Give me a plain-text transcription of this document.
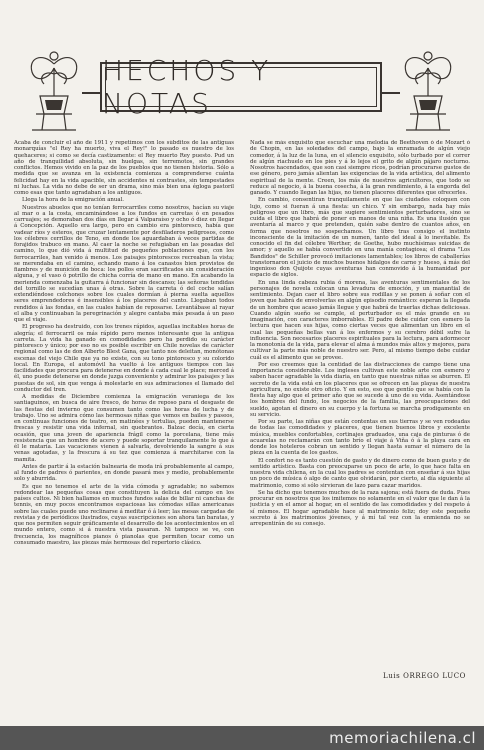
HECHOS Y NOTAS

Acaba de concluir el año de 1911 y repetimos con los súbditos de las antiguas monarquías "el Rey ha muerto, viva el Rey!" lo pasado es nuestro de los quehaceres; si como se decía castizamente: el Rey muerto Rey puesto. Pud un año de tranquilidad absoluta, sin huelgas, sin terremotos, sin grandes conflictos. Hemos vivido en la paz de los pueblos que no tienen historia. Sólo a medida que se avanza en la existencia comienza a comprenderse cuánta felicidad hay en la vida apacible, sin accidentes ni contrastes, sin tempestades ni luchas. La vida no debe de ser un drama, sino más bien una égloga pastoril como esas que tanto agradaban a los antiguos.

Llega la hora de la emigración anual.

Nuestros abuelos que no tenían ferrocarriles como nosotros, hacían su viaje al mar o a la costa, encaminándose a los fundos en carretas ó en pesados carruajes; se demoraban dos días en llegar á Valparaíso y ocho ó diez en llegar á Concepción. Aquello era largo, pero en cambio era pintoresco, había que vadear ríos y esteros, que cruzar lentamente por desfiladeros peligrosos, como los célebres cerrillos de Teno, en donde los aguardaban á veces partidas de forajidos trabuco en mano. Al caer la noche se refugiaban en las posadas del camino, lo que dió vida á multitud de pequeños poblaciones que, con los ferrocarriles, han venido á menos. Los paisajes pintorescos recreaban la vista; se merendaba en el camino, echando mano á los canastos bien provistos de fiambres y de munición de boca: los pollos eran sacrificados sin consideración alguna, y el vaso ó potrillo de chicha corría de mano en mano. En acabando la merienda comenzaba la guitarra á funcionar sin descanso; las señoras tendidas del tornillo se sucedían unas á otras. Sobre la carreta ó del coche salían extendiéndose colchones sobre los cuales dormían á pierna suelta aquellos seres emprendedores é insensibles á los placeres del canto. Llegaban todos rendidos á las fondas, en las cuales habían de reposarse. Levantábase al rayar el alba y continuaban la peregrinación y alegre cantaba más pesada á un paso que el viaje.

El progreso ha destruido, con los trenes rápidos, aquellas incitables horas de alegría; el ferrocarril os más rápido pero menos interesante que la antigua carreta. La vida ha ganado en comodidades pero ha perdido su carácter pintoresco y único; por eso no es posible escribir en Chile novelas de carácter regional como las de don Alberto Blest Gana, que tanto nos deleitan, monótonas escenas del viejo Chile que ya no existe, con su tono pintoresco y su colorido local. En Europa, el automóvil ha vuelto á los antiguos tiempos con las facilidades que procura para detenerse en donde á cada cual le place; merced á él, uno puede detenerse en donde juzga conveniente y admirar los paisajes y las puestas de sol, sin que venga á molestarle en sus admiraciones el llamado del conductor del tren.

A medidas de Diciembre comienza la emigración veraniega de los santiaguinos, en busca de aire fresco, de horas de reposo para el desgaste de las fiestas del invierno que consumen tanto como las horas de lucha y de trabajo. Uno se admira cómo las hermosas niñas que vemos en bailes y paseos, en continuas funciones de teatro, en matinées y tertulias, pueden mantenerse frescas y resistir una vida infernal, sin quebrantos. Balzac decía, en cierta ocasión, que una joven de apariencia frágil como la porcelana, tiene más resistencia que un hombre de acero y puede soportar tranquilamente lo que á él le mataría. Las vacaciones vienen á salvarla, devolviendo la sangre á sus venas agotadas, y la frescura á su tez que comienza á marchitarse con la mamita.

Antes de partir á la estación balnearia de moda irá probablemente al campo, al fundo de padres ó parientes, en donde pasará mes y medio, probablemente solo y aburrida.

Es que no tenemos el arte de la vida cómoda y agradable; no sabemos redondear las pequeñas cosas que constituyen la delicia del campo en los países cultos. Ni bien hallamos en muchos fundos salas de billar ni canchas de tennis, en muy pocos encontramos espaciosas las cómodas sillas americanas sobre las cuales puede uno reclinarse á meditar ó á leer; las mesas cargadas de revistas y de periódicos ilustrados, cuyas suscripciones son ahora tan baratas, y que nos permiten seguir gráficamente el desarrollo de los acontecimientos en el mundo entero, como si á nuestra vista pasaran. Ni tampoco se ve, con frecuencia, los magníficos pianos ó pianolas que permiten tocar como un consumado maestro, las piezas más hermosas del repertorio clásico.

Nada se más exquisito que escuchar una melodía de Beethoven ó de Mozart ó de Chopin, en las soledades del campo, bajo la enramada de algún viejo comedor, á la luz de la luna, en el silencio exquisito, sólo turbado por el correr de algún riachuelo en los pies y á lo lejos el grito de algún pájaro nocturno. Nosotros hacendados, que son casi siempre ricos, podrían procurarse gustos de ese género, pero jamás alientan las exigencias de la vida artística, del alimento espiritual de la mente. Creen, los más de nuestros agricultores, que todo se reduce al negocio, á la buena cosecha, á la gran rendimiento, á la engorda del ganado. Y cuando llegan las hijas, no tienen placeres diferentes que ofrecerles.

En cambio, consentiran tranquilamente en que las ciudades coloquen con lujo, como si fueran á una fiesta: un chico. Y sin embargo, nada hay más peligroso que un libro, más que sugiere sentimientos perturbadores, sino se cuida el libro que habrá de poner en manos de una niña. Es una ilusión que aventaría al marco y que pretenden, quién sabe dentro de cuantos años, en forma que nosotros no sospechamos. Un libro tras consigo el instinto inconsciente de la imitación de un numen, tanto del ideal á lo inevitable. Es conocido el fin del célebre Werther, de Goethe, hubo muchísimas suicidas de amor; y aquello se había convertido en una manía contagiosa; el drama "Los Bandidos" de Schiller provocó imitaciones lamentables; los libros de caballerías transtornaron el juicio de muchos buenos hidalgos de carne y hueso, á más del ingenioso don Quijote cuyas aventuras han conmovido á la humanidad por espacio de siglos.

En una linda cabeza rubia ó morena, las aventuras sentimentales de los personajes de novela colocan una levadura de emoción, y un manantial de sentimiento. Dejan caer el libro sobre sus rodillas y se ponen á soñar con el joven que habrá de envolverlas en algún episodio romántico: esperan la llegada de un hombre que acaso jamás llegue y que habrá de traerlas dichas deliciosas. Cuando algún sueño se cumple, el perturbador es el más grande en su imaginación, con caracteres imborrables. El padre debe cuidar con esmero la lectura que hacen sus hijas, como ciertas veces que alimentan un libro en el cual las pequeñas bellas van á los enfermos y su cerebro débil sufre la influencia. Son necesarios placeres espirituales para la lectura, para adormecer la monotonía de la vida, para elevar el alma á mundos más altos y mejores, para cultivar la parte más noble de nuestro ser. Pero, al mismo tiempo debe cuidar cuál es el alimento que se provee.

Por eso creemos que la centidad de las distracciones de campo tiene una importancia considerable. Los ingleses cultivan este noble arte con esmero y saben hacer agradable la vida diaria, en tanto que nuestras niñas se aburren. El secreto de la vida está en los placeres que se ofrecen en las playas de nuestra agricultura, no existe otro oficio. Y en esto, eso que gentío que se había con la fiesta hay algo que el primer año que se sucede á uno de su vida. Asentándose los hombres del fundo, los negocios de la familia, las preocupaciones del sueldo, agotan el dinero en su cuerpo y la fortuna se marcha prodigamente en su servicio.

Por su parte, las niñas que están contentas en sus tierras y se ven rodeadas de todas las comodidades y placeres, que tienen buenos libros y excelente música, muebles confortables, cortinajes graduados, una caja de pinturas ó de acuarelas no reclamarán con tanto brío el viaje á Viña ó á la playa cara en donde los hoteleros cobran un sentido y llegan hasta sumar el número de la pieza en la cuenta de los gastos.

El confort no es tanto cuestión de gasto y de dinero como de buen gusto y de sentido artístico. Basta con preocuparse un poco de arte, lo que hace falta en nuestra vida chilena, en la cual los padres se contentan con enseñar á sus hijas un poco de música ó algo de canto que olvidarán, por cierto, al día siguiente al matrimonio, como si sólo sirvieran de lazo para cazar maridos.

Se ha dicho que tenemos muchos de la raza sajona; está fuera de duda. Pues procurar en nosotros que los imitemos no solamente en el valor que le dan á la justicia y en el amor al hogar, en el sentido de las comodidades y del respeto á sí mismos. El hogar agradable hace al matrimonio feliz; doy este pequeño secreto á los matrimonios jóvenes, y á mí tal vez con la enmienda no se arrepentirán de su consejo.

Luis ORREGO LUCO
memoriachilena.cl
